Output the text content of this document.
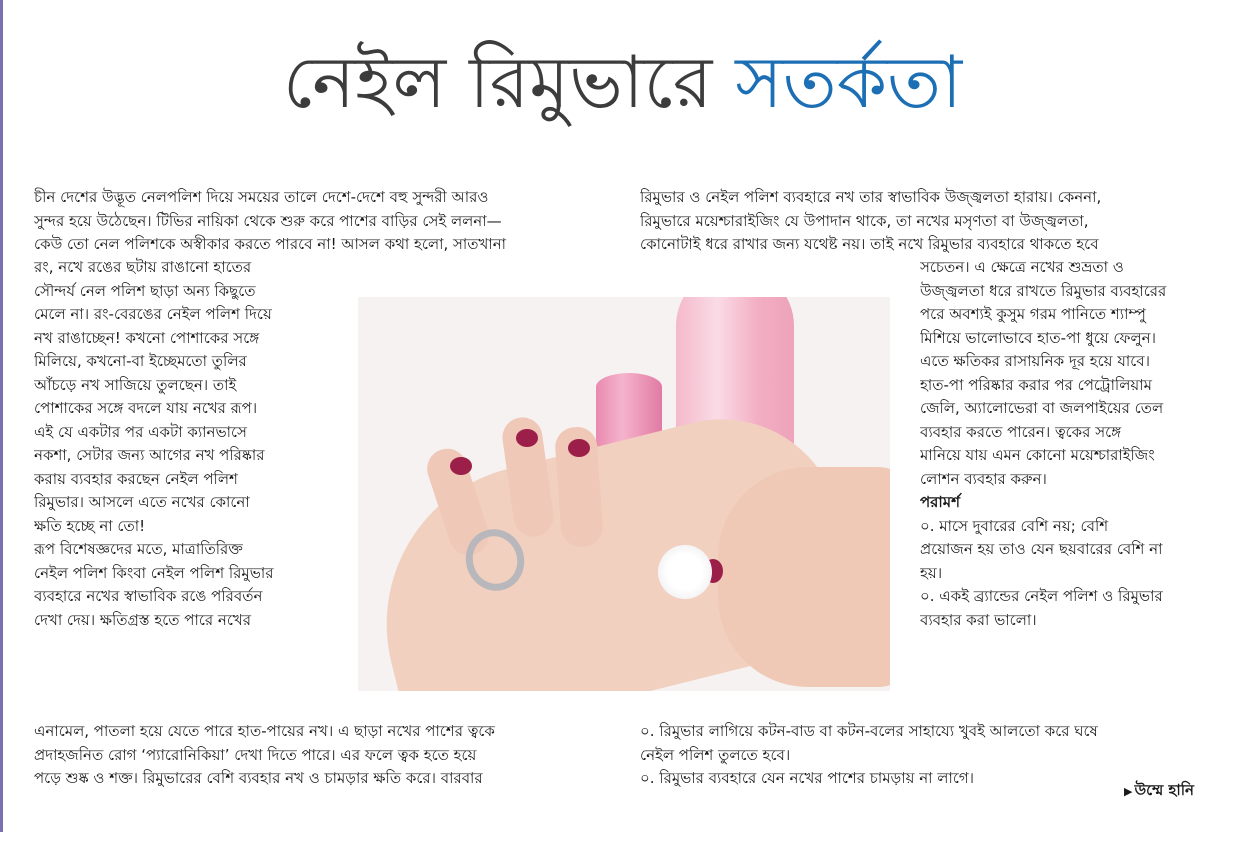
নেইল রিমুভারে সতর্কতা
চীন দেশের উদ্ভূত নেলপলিশ দিয়ে সময়ের তালে দেশে-দেশে বহু সুন্দরী আরও
সুন্দর হয়ে উঠেছেন। টিভির নায়িকা থেকে শুরু করে পাশের বাড়ির সেই ললনা—
কেউ তো নেল পলিশকে অস্বীকার করতে পারবে না! আসল কথা হলো, সাতখানা
রং, নখে রঙের ছটায় রাঙানো হাতের
সৌন্দর্য নেল পলিশ ছাড়া অন্য কিছুতে
মেলে না। রং-বেরঙের নেইল পলিশ দিয়ে
নখ রাঙাচ্ছেন! কখনো পোশাকের সঙ্গে
মিলিয়ে, কখনো-বা ইচ্ছেমতো তুলির
আঁচড়ে নখ সাজিয়ে তুলছেন। তাই
পোশাকের সঙ্গে বদলে যায় নখের রূপ।
এই যে একটার পর একটা ক্যানভাসে
নকশা, সেটার জন্য আগের নখ পরিষ্কার
করায় ব্যবহার করছেন নেইল পলিশ
রিমুভার। আসলে এতে নখের কোনো
ক্ষতি হচ্ছে না তো!
রূপ বিশেষজ্ঞদের মতে, মাত্রাতিরিক্ত
নেইল পলিশ কিংবা নেইল পলিশ রিমুভার
ব্যবহারে নখের স্বাভাবিক রঙে পরিবর্তন
দেখা দেয়। ক্ষতিগ্রস্ত হতে পারে নখের
এনামেল, পাতলা হয়ে যেতে পারে হাত-পায়ের নখ। এ ছাড়া নখের পাশের ত্বকে
প্রদাহজনিত রোগ ‘প্যারোনিকিয়া’ দেখা দিতে পারে। এর ফলে ত্বক হতে হয়ে
পড়ে শুষ্ক ও শক্ত। রিমুভারের বেশি ব্যবহার নখ ও চামড়ার ক্ষতি করে। বারবার
রিমুভার ও নেইল পলিশ ব্যবহারে নখ তার স্বাভাবিক উজ্জ্বলতা হারায়। কেননা,
রিমুভারে ময়েশ্চারাইজিং যে উপাদান থাকে, তা নখের মসৃণতা বা উজ্জ্বলতা,
কোনোটাই ধরে রাখার জন্য যথেষ্ট নয়। তাই নখে রিমুভার ব্যবহারে থাকতে হবে
সচেতন। এ ক্ষেত্রে নখের শুভ্রতা ও
উজ্জ্বলতা ধরে রাখতে রিমুভার ব্যবহারের
পরে অবশ্যই কুসুম গরম পানিতে শ্যাম্পু
মিশিয়ে ভালোভাবে হাত-পা ধুয়ে ফেলুন।
এতে ক্ষতিকর রাসায়নিক দূর হয়ে যাবে।
হাত-পা পরিষ্কার করার পর পেট্রোলিয়াম
জেলি, অ্যালোভেরা বা জলপাইয়ের তেল
ব্যবহার করতে পারেন। ত্বকের সঙ্গে
মানিয়ে যায় এমন কোনো ময়েশ্চারাইজিং
লোশন ব্যবহার করুন।
পরামর্শ
০. মাসে দুবারের বেশি নয়; বেশি
প্রয়োজন হয় তাও যেন ছয়বারের বেশি না
হয়।
০. একই ব্র্যান্ডের নেইল পলিশ ও রিমুভার
ব্যবহার করা ভালো।
০. রিমুভার লাগিয়ে কটন-বাড বা কটন-বলের সাহায্যে খুবই আলতো করে ঘষে
নেইল পলিশ তুলতে হবে।
০. রিমুভার ব্যবহারে যেন নখের পাশের চামড়ায় না লাগে।
▶ উম্মে হানি
